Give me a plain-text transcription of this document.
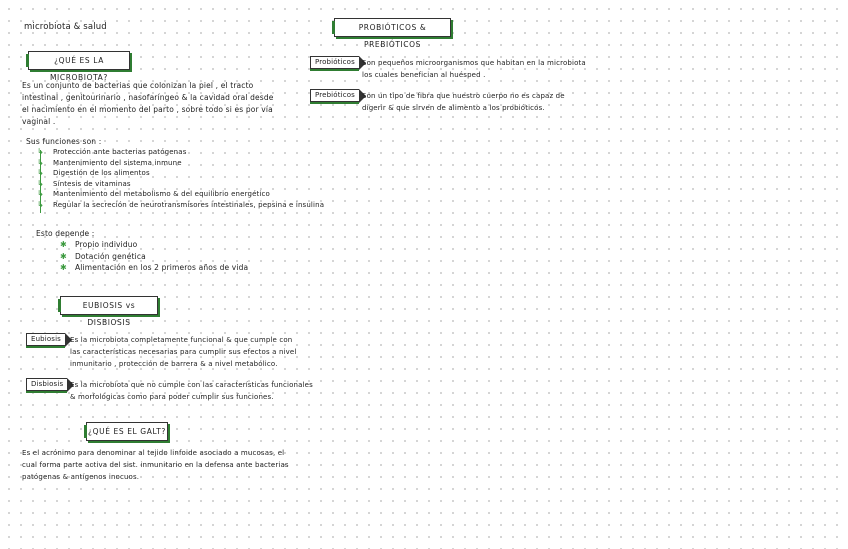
microbiota & salud
¿QUÉ ES LA MICROBIOTA?
Es un conjunto de bacterias que colonizan la piel , el tracto
intestinal , genitourinario , nasofaríngeo & la cavidad oral desde
el nacimiento en el momento del parto , sobre todo si es por vía
vaginal .
Sus funciones son :
↳ Protección ante bacterias patógenas
↳ Mantenimiento del sistema inmune
↳ Digestión de los alimentos
↳ Síntesis de vitaminas
↳ Mantenimiento del metabolismo & del equilibrio energético
↳ Regular la secreción de neurotransmisores intestinales, pepsina e insulina
Esto depende :
✱ Propio individuo
✱ Dotación genética
✱ Alimentación en los 2 primeros años de vida
EUBIOSIS vs DISBIOSIS
Eubiosis	Es la microbiota completamente funcional & que cumple con
las características necesarias para cumplir sus efectos a nivel
inmunitario , protección de barrera & a nivel metabólico.
Disbiosis Es la microbiota que no cumple con las características funcionales
& morfológicas como para poder cumplir sus funciones.
¿QUÉ ES EL GALT?
Es el acrónimo para denominar al tejido linfoide asociado a mucosas, el
cual forma parte activa del sist. inmunitario en la defensa ante bacterias
patógenas & antígenos inocuos.
PROBIÓTICOS & PREBIÓTICOS
Probióticos	Son pequeños microorganismos que habitan en la microbiota
los cuales benefician al huésped .
Prebióticos	Son un tipo de fibra que nuestro cuerpo no es capaz de
digerir & que sirven de alimento a los probióticos.
